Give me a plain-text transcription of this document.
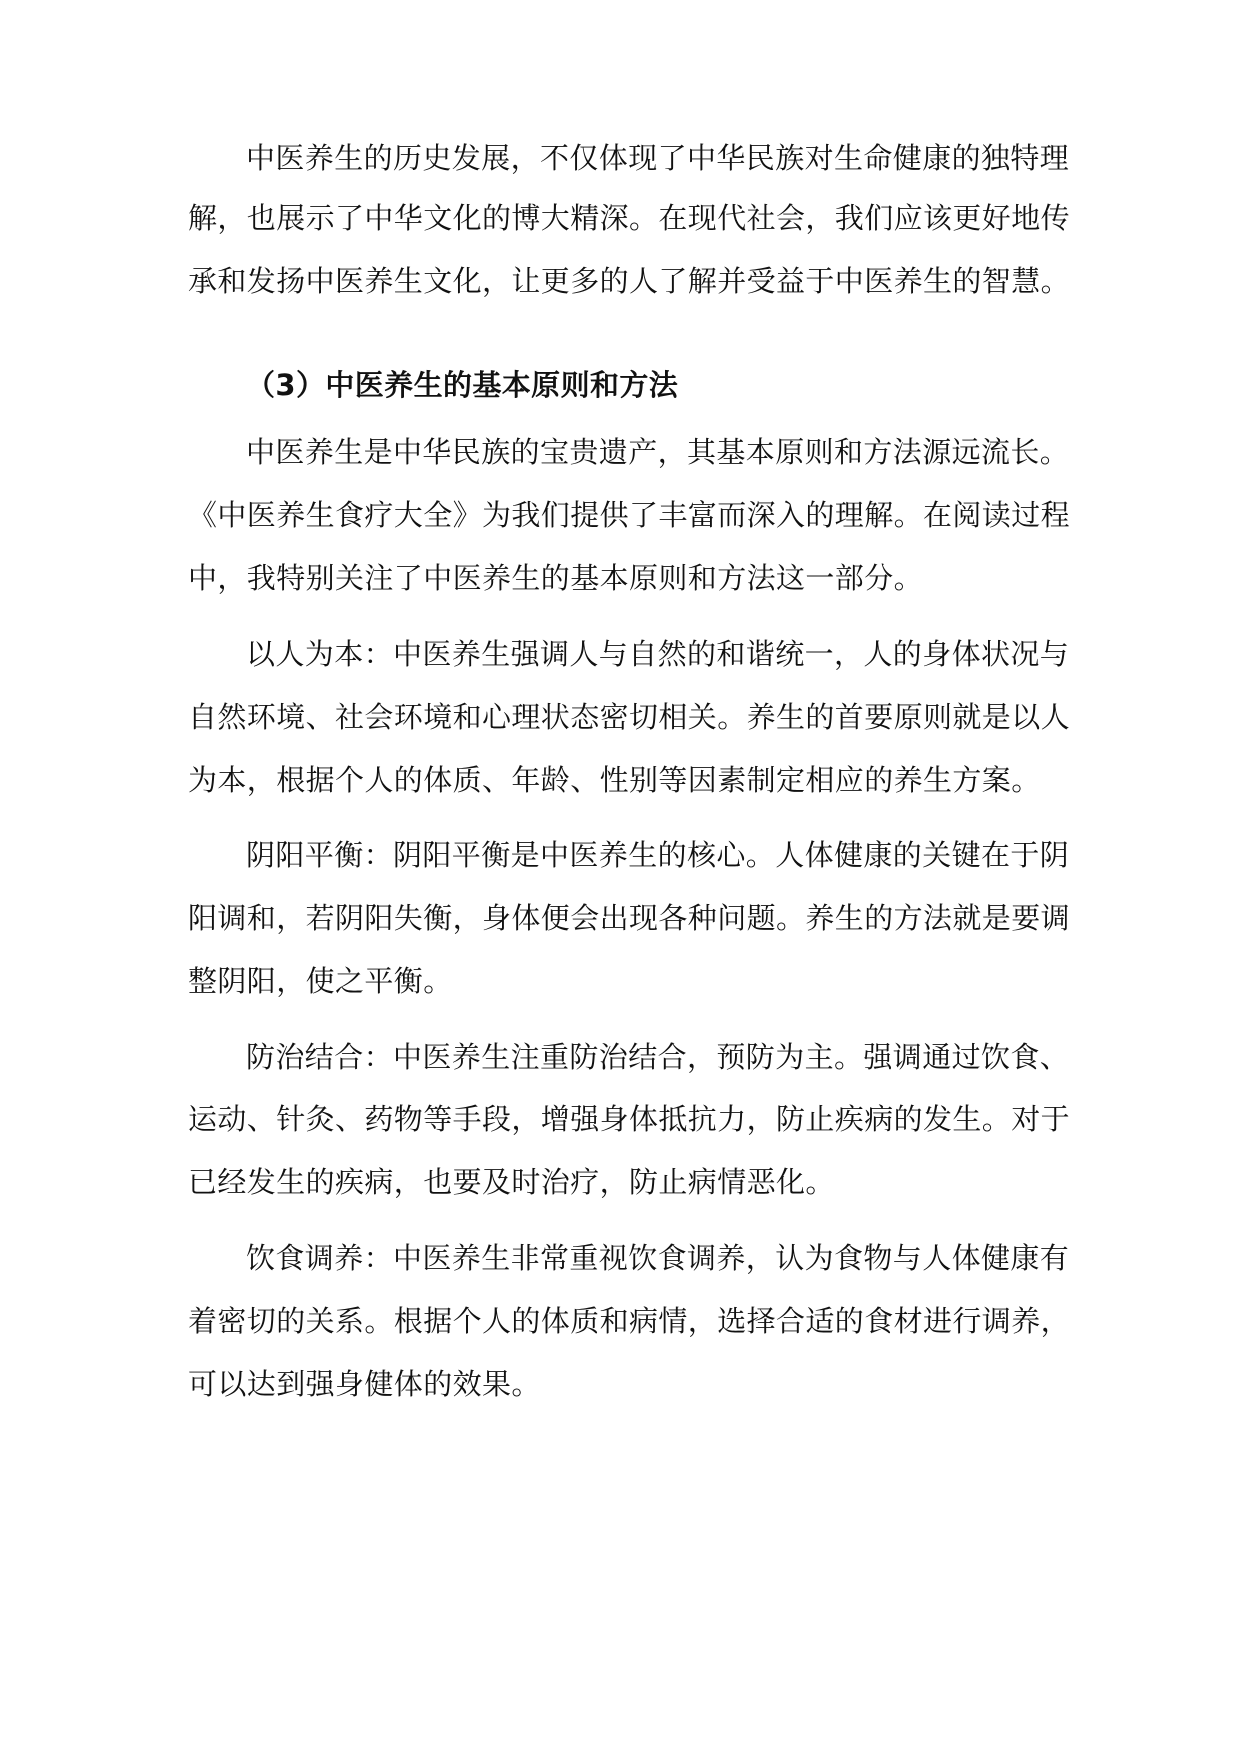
中医养生的历史发展，不仅体现了中华民族对生命健康的独特理
解，也展示了中华文化的博大精深。在现代社会，我们应该更好地传
承和发扬中医养生文化，让更多的人了解并受益于中医养生的智慧。
（3）中医养生的基本原则和方法
中医养生是中华民族的宝贵遗产，其基本原则和方法源远流长。
《中医养生食疗大全》为我们提供了丰富而深入的理解。在阅读过程
中，我特别关注了中医养生的基本原则和方法这一部分。
以人为本：中医养生强调人与自然的和谐统一，人的身体状况与
自然环境、社会环境和心理状态密切相关。养生的首要原则就是以人
为本，根据个人的体质、年龄、性别等因素制定相应的养生方案。
阴阳平衡：阴阳平衡是中医养生的核心。人体健康的关键在于阴
阳调和，若阴阳失衡，身体便会出现各种问题。养生的方法就是要调
整阴阳，使之平衡。
防治结合：中医养生注重防治结合，预防为主。强调通过饮食、
运动、针灸、药物等手段，增强身体抵抗力，防止疾病的发生。对于
已经发生的疾病，也要及时治疗，防止病情恶化。
饮食调养：中医养生非常重视饮食调养，认为食物与人体健康有
着密切的关系。根据个人的体质和病情，选择合适的食材进行调养，
可以达到强身健体的效果。
